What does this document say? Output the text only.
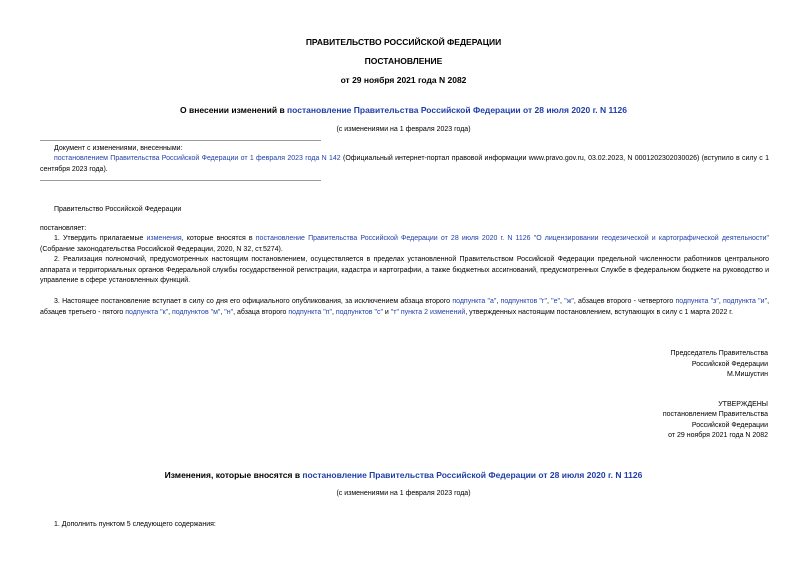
ПРАВИТЕЛЬСТВО РОССИЙСКОЙ ФЕДЕРАЦИИ
ПОСТАНОВЛЕНИЕ
от 29 ноября 2021 года N 2082
О внесении изменений в постановление Правительства Российской Федерации от 28 июля 2020 г. N 1126
(с изменениями на 1 февраля 2023 года)
Документ с изменениями, внесенными:
постановлением Правительства Российской Федерации от 1 февраля 2023 года N 142 (Официальный интернет-портал правовой информации www.pravo.gov.ru, 03.02.2023, N 0001202302030026) (вступило в силу с 1 сентября 2023 года).
Правительство Российской Федерации
постановляет:
1. Утвердить прилагаемые изменения, которые вносятся в постановление Правительства Российской Федерации от 28 июля 2020 г. N 1126 "О лицензировании геодезической и картографической деятельности" (Собрание законодательства Российской Федерации, 2020, N 32, ст.5274).
2. Реализация полномочий, предусмотренных настоящим постановлением, осуществляется в пределах установленной Правительством Российской Федерации предельной численности работников центрального аппарата и территориальных органов Федеральной службы государственной регистрации, кадастра и картографии, а также бюджетных ассигнований, предусмотренных Службе в федеральном бюджете на руководство и управление в сфере установленных функций.
3. Настоящее постановление вступает в силу со дня его официального опубликования, за исключением абзаца второго подпункта "а", подпунктов "г", "е", "ж", абзацев второго - четвертого подпункта "з", подпункта "и", абзацев третьего - пятого подпункта "к", подпунктов "м", "н", абзаца второго подпункта "п", подпунктов "с" и "т" пункта 2 изменений, утвержденных настоящим постановлением, вступающих в силу с 1 марта 2022 г.
Председатель Правительства
Российской Федерации
М.Мишустин
УТВЕРЖДЕНЫ
постановлением Правительства
Российской Федерации
от 29 ноября 2021 года N 2082
Изменения, которые вносятся в постановление Правительства Российской Федерации от 28 июля 2020 г. N 1126
(с изменениями на 1 февраля 2023 года)
1. Дополнить пунктом 5 следующего содержания:
